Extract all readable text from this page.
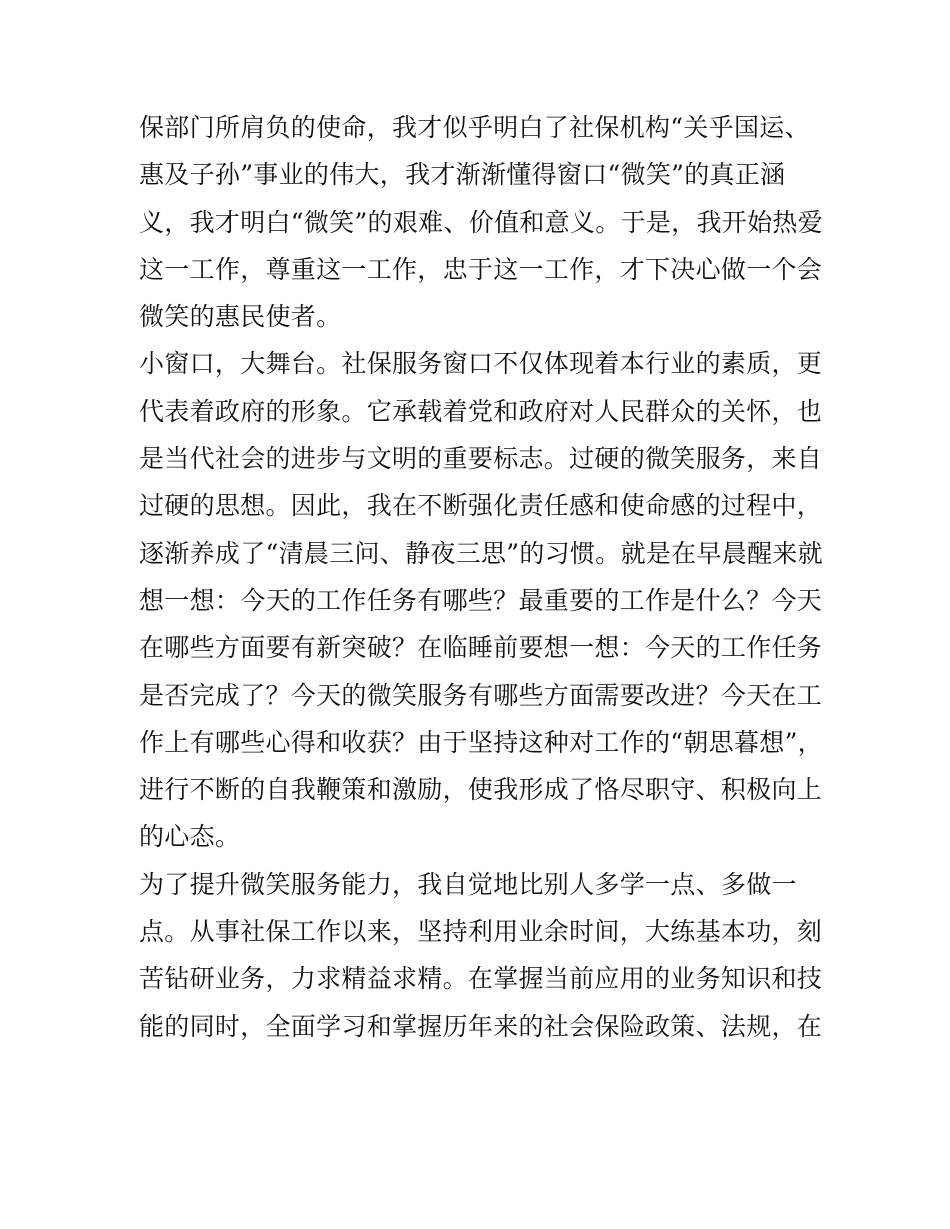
保部门所肩负的使命，我才似乎明白了社保机构“关乎国运、
惠及子孙”事业的伟大，我才渐渐懂得窗口“微笑”的真正涵
义，我才明白“微笑”的艰难、价值和意义。于是，我开始热爱
这一工作，尊重这一工作，忠于这一工作，才下决心做一个会
微笑的惠民使者。
小窗口，大舞台。社保服务窗口不仅体现着本行业的素质，更
代表着政府的形象。它承载着党和政府对人民群众的关怀，也
是当代社会的进步与文明的重要标志。过硬的微笑服务，来自
过硬的思想。因此，我在不断强化责任感和使命感的过程中，
逐渐养成了“清晨三问、静夜三思”的习惯。就是在早晨醒来就
想一想：今天的工作任务有哪些？最重要的工作是什么？今天
在哪些方面要有新突破？在临睡前要想一想：今天的工作任务
是否完成了？今天的微笑服务有哪些方面需要改进？今天在工
作上有哪些心得和收获？由于坚持这种对工作的“朝思暮想”，
进行不断的自我鞭策和激励，使我形成了恪尽职守、积极向上
的心态。
为了提升微笑服务能力，我自觉地比别人多学一点、多做一
点。从事社保工作以来，坚持利用业余时间，大练基本功，刻
苦钻研业务，力求精益求精。在掌握当前应用的业务知识和技
能的同时，全面学习和掌握历年来的社会保险政策、法规，在
